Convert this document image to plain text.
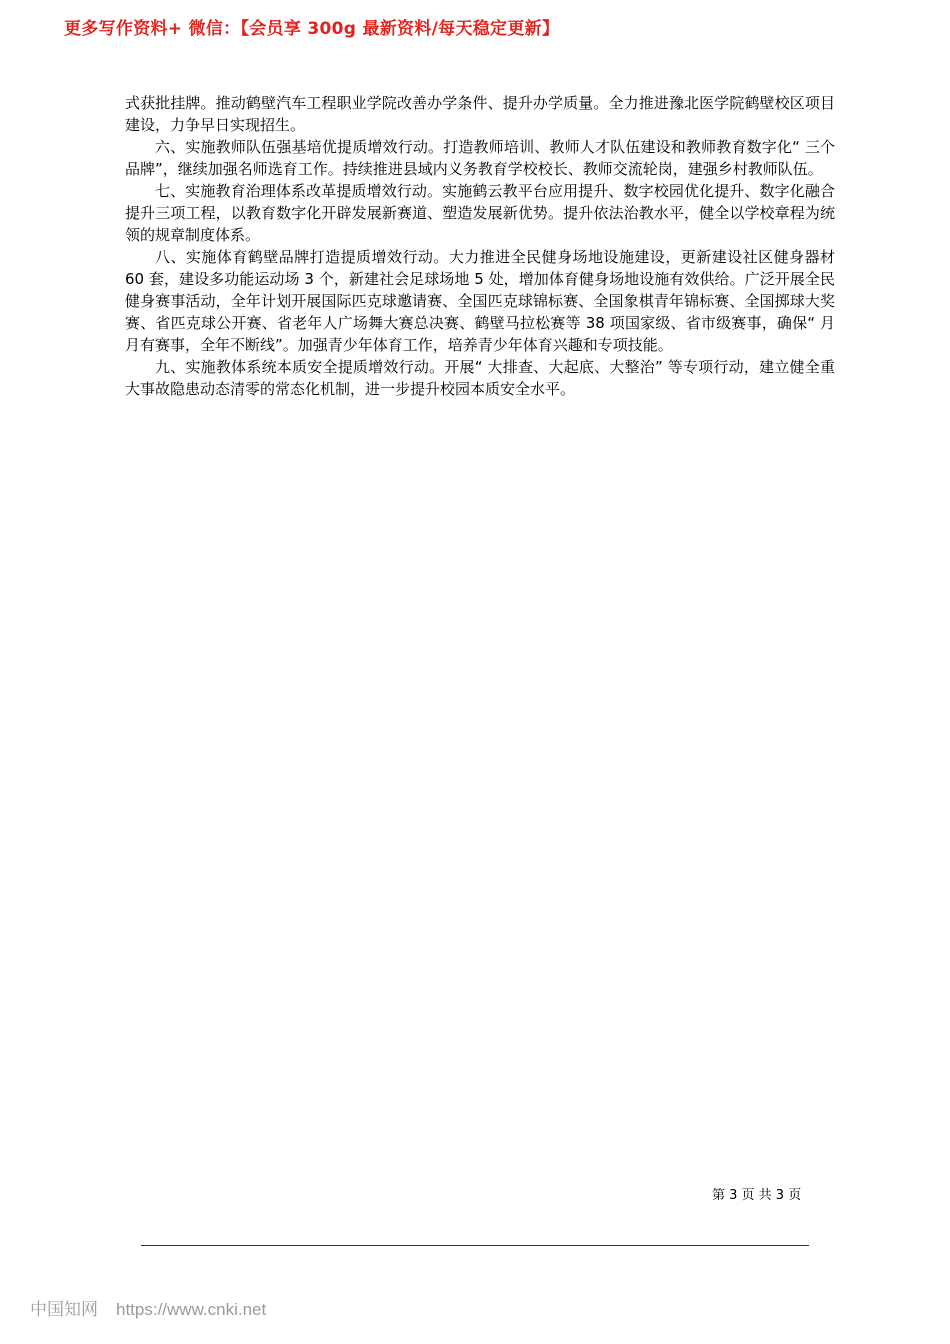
更多写作资料+ 微信：【会员享 300g 最新资料/每天稳定更新】

式获批挂牌。推动鹤壁汽车工程职业学院改善办学条件、提升办学质量。全力推进豫北医学院鹤壁校区项目建设，力争早日实现招生。

六、实施教师队伍强基培优提质增效行动。打造教师培训、教师人才队伍建设和教师教育数字化“ 三个品牌”，继续加强名师选育工作。持续推进县域内义务教育学校校长、教师交流轮岗，建强乡村教师队伍。

七、实施教育治理体系改革提质增效行动。实施鹤云教平台应用提升、数字校园优化提升、数字化融合提升三项工程，以教育数字化开辟发展新赛道、塑造发展新优势。提升依法治教水平，健全以学校章程为统领的规章制度体系。

八、实施体育鹤壁品牌打造提质增效行动。大力推进全民健身场地设施建设，更新建设社区健身器材 60 套，建设多功能运动场 3 个，新建社会足球场地 5 处，增加体育健身场地设施有效供给。广泛开展全民健身赛事活动，全年计划开展国际匹克球邀请赛、全国匹克球锦标赛、全国象棋青年锦标赛、全国掷球大奖赛、省匹克球公开赛、省老年人广场舞大赛总决赛、鹤壁马拉松赛等 38 项国家级、省市级赛事，确保“ 月月有赛事，全年不断线”。加强青少年体育工作，培养青少年体育兴趣和专项技能。

九、实施教体系统本质安全提质增效行动。开展“ 大排查、大起底、大整治” 等专项行动，建立健全重大事故隐患动态清零的常态化机制，进一步提升校园本质安全水平。

第 3 页 共 3 页
中国知网 https://www.cnki.net
